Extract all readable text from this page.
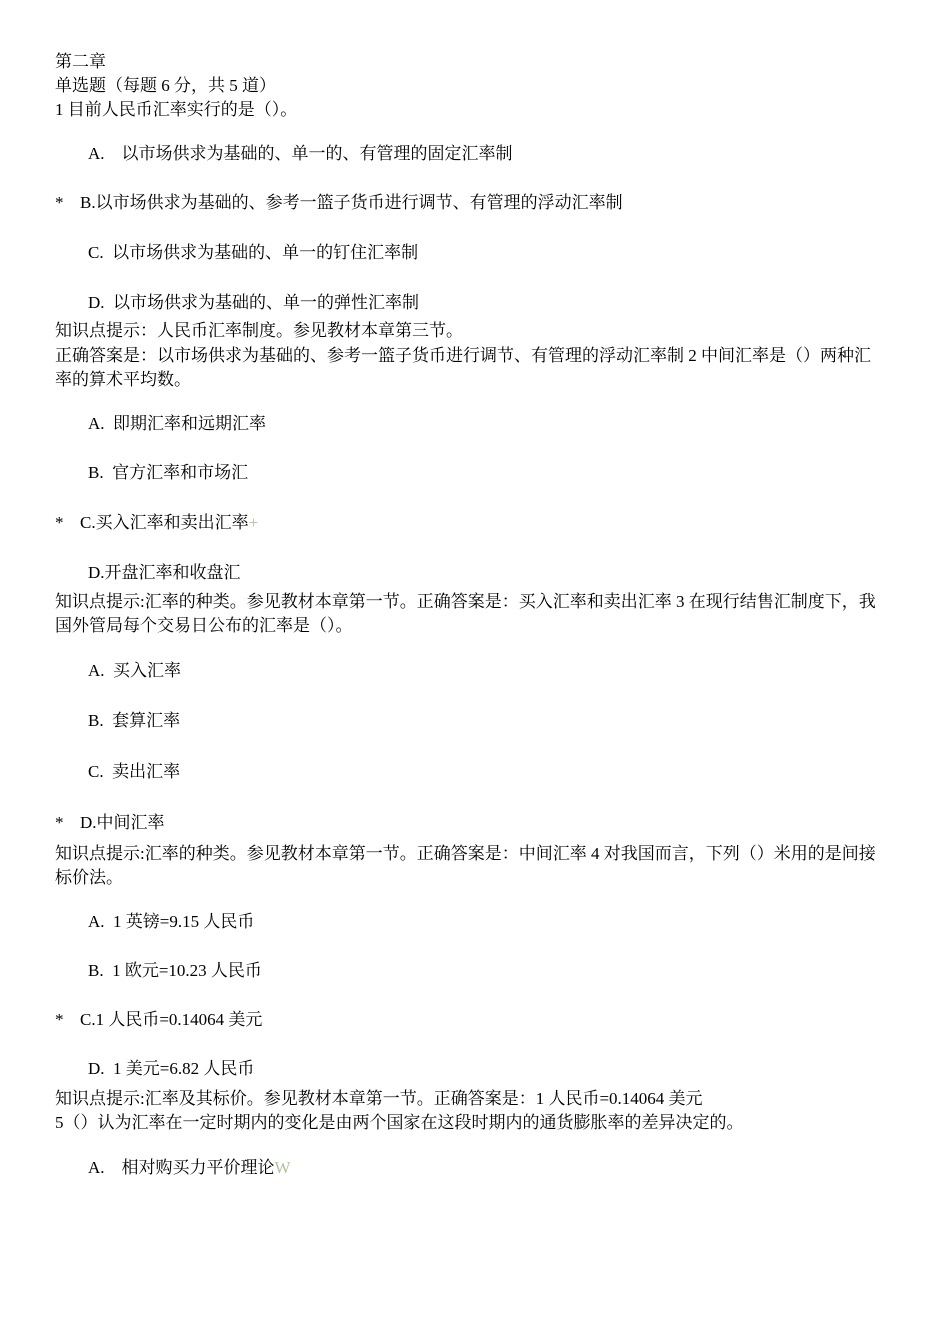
第二章
单选题（每题 6 分，共 5 道）
1 目前人民币汇率实行的是（）。
A.    以市场供求为基础的、单一的、有管理的固定汇率制
* B.以市场供求为基础的、参考一篮子货币进行调节、有管理的浮动汇率制
C.  以市场供求为基础的、单一的钉住汇率制
D.  以市场供求为基础的、单一的弹性汇率制
知识点提示：人民币汇率制度。参见教材本章第三节。
正确答案是：以市场供求为基础的、参考一篮子货币进行调节、有管理的浮动汇率制 2 中间汇率是（）两种汇率的算术平均数。
A.  即期汇率和远期汇率
B.  官方汇率和市场汇
* C.买入汇率和卖出汇率+
D.开盘汇率和收盘汇
知识点提示:汇率的种类。参见教材本章第一节。正确答案是：买入汇率和卖出汇率 3 在现行结售汇制度下，我国外管局每个交易日公布的汇率是（）。
A.  买入汇率
B.  套算汇率
C.  卖出汇率
* D.中间汇率
知识点提示:汇率的种类。参见教材本章第一节。正确答案是：中间汇率 4 对我国而言，下列（）米用的是间接标价法。
A.  1 英镑=9.15 人民币
B.  1 欧元=10.23 人民币
* C.1 人民币=0.14064 美元
D.  1 美元=6.82 人民币
知识点提示:汇率及其标价。参见教材本章第一节。正确答案是：1 人民币=0.14064 美元
5（）认为汇率在一定时期内的变化是由两个国家在这段时期内的通货膨胀率的差异决定的。
A.    相对购买力平价理论W
